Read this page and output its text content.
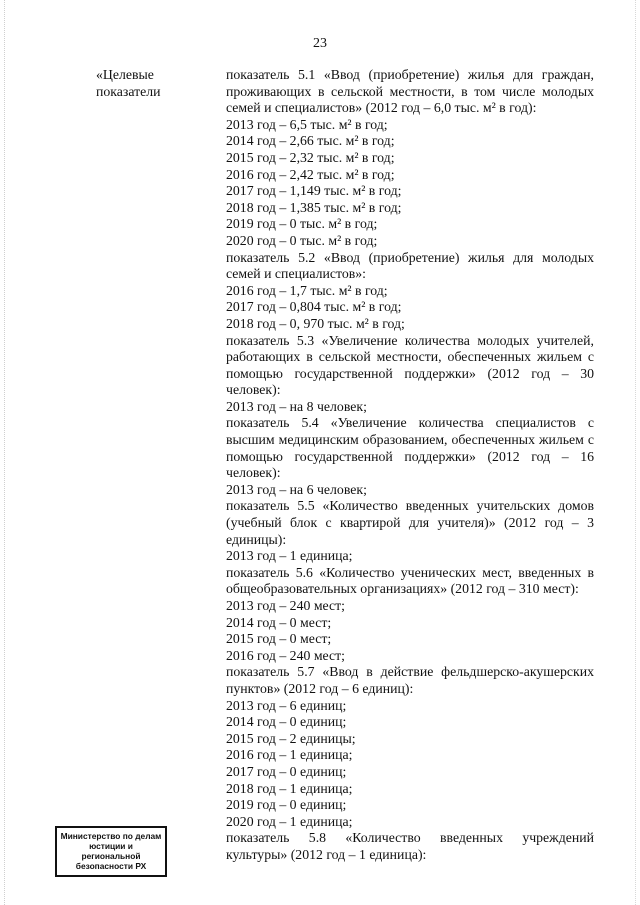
23
«Целевые
показатели

показатель 5.1 «Ввод (приобретение) жилья для граждан, проживающих в сельской местности, в том числе молодых семей и специалистов» (2012 год – 6,0 тыс. м² в год):

2013 год – 6,5 тыс. м² в год;

2014 год – 2,66 тыс. м² в год;

2015 год – 2,32 тыс. м² в год;

2016 год – 2,42 тыс. м² в год;

2017 год – 1,149 тыс. м² в год;

2018 год – 1,385 тыс. м² в год;

2019 год – 0 тыс. м² в год;

2020 год – 0 тыс. м² в год;

показатель 5.2 «Ввод (приобретение) жилья для молодых семей и специалистов»:

2016 год – 1,7 тыс. м² в год;

2017 год – 0,804 тыс. м² в год;

2018 год – 0, 970 тыс. м² в год;

показатель 5.3 «Увеличение количества молодых учителей, работающих в сельской местности, обеспеченных жильем с помощью государственной поддержки» (2012 год – 30 человек):

2013 год – на 8 человек;

показатель 5.4 «Увеличение количества специалистов с высшим медицинским образованием, обеспеченных жильем с помощью государственной поддержки» (2012 год – 16 человек):

2013 год – на 6 человек;

показатель 5.5 «Количество введенных учительских домов (учебный блок с квартирой для учителя)» (2012 год – 3 единицы):

2013 год – 1 единица;

показатель 5.6 «Количество ученических мест, введенных в общеобразовательных организациях» (2012 год – 310 мест):

2013 год – 240 мест;

2014 год – 0 мест;

2015 год – 0 мест;

2016 год – 240 мест;

показатель 5.7 «Ввод в действие фельдшерско-акушерских пунктов» (2012 год – 6 единиц):

2013 год – 6 единиц;

2014 год – 0 единиц;

2015 год – 2 единицы;

2016 год – 1 единица;

2017 год – 0 единиц;

2018 год – 1 единица;

2019 год – 0 единиц;

2020 год – 1 единица;

показатель 5.8 «Количество введенных учреждений культуры» (2012 год – 1 единица):

Министерство по делам
юстиции и региональной
безопасности РХ
